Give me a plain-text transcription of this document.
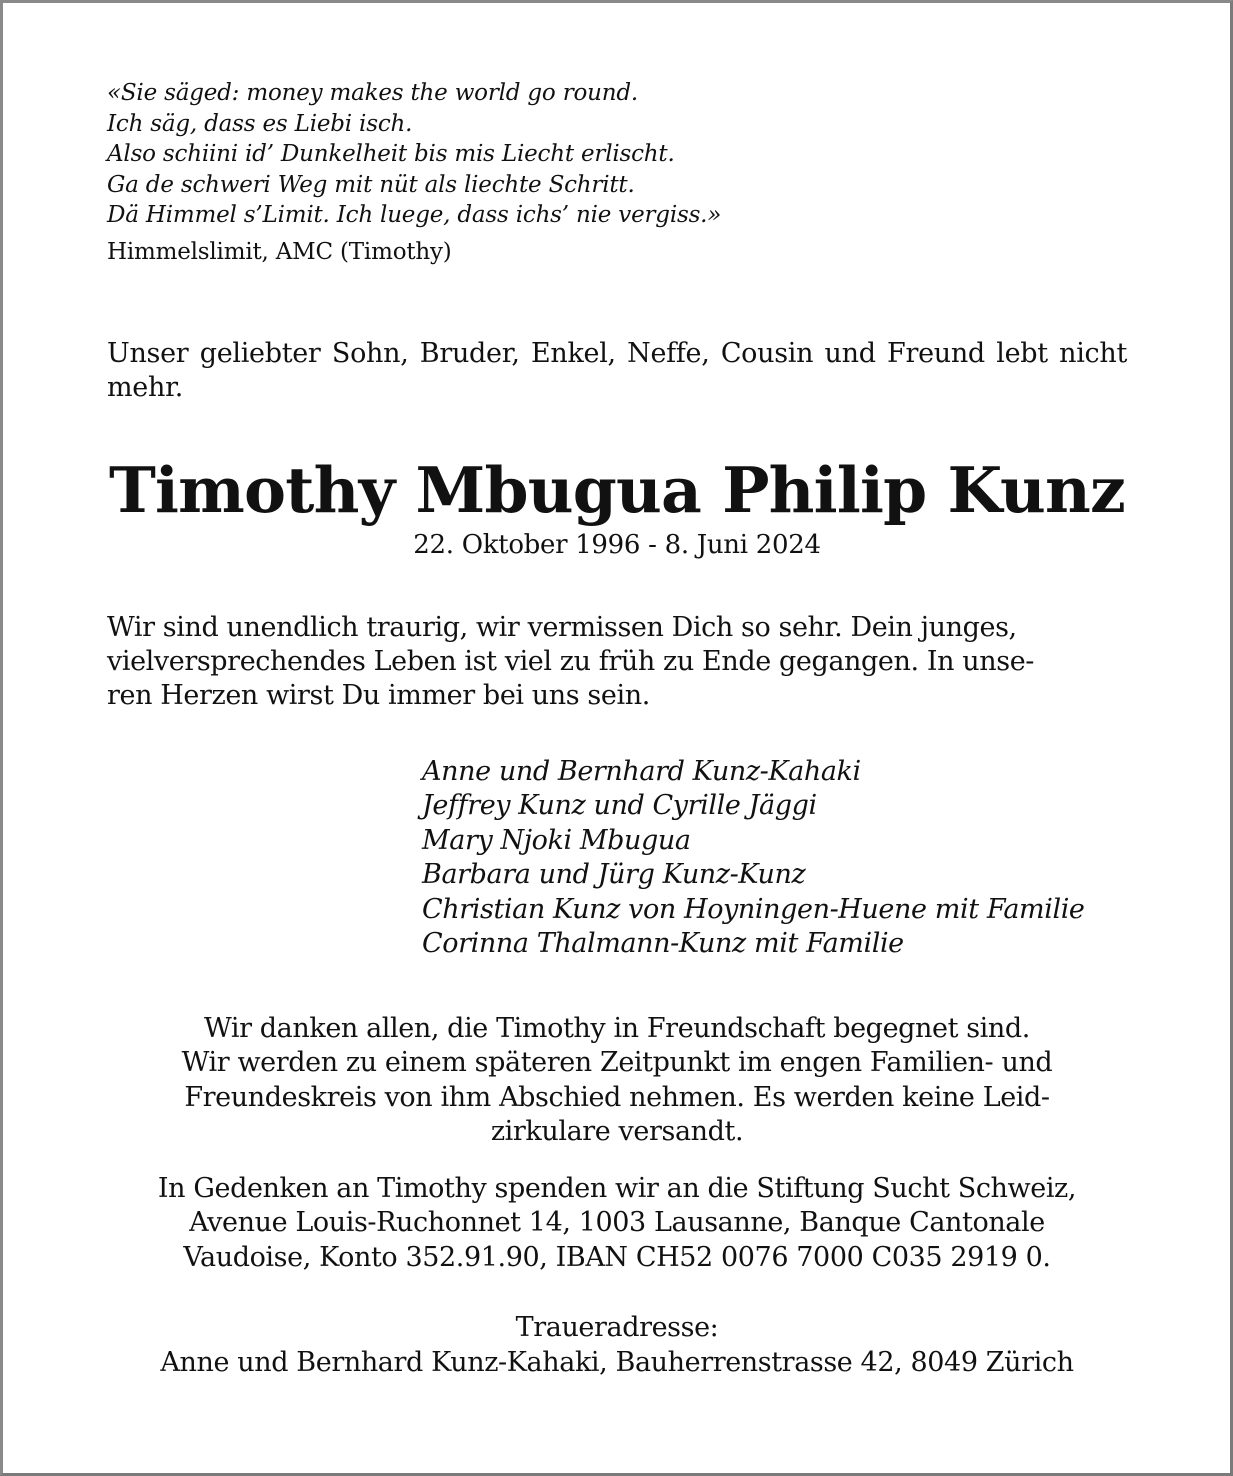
«Sie säged: money makes the world go round.
Ich säg, dass es Liebi isch.
Also schiini id’ Dunkelheit bis mis Liecht erlischt.
Ga de schweri Weg mit nüt als liechte Schritt.
Dä Himmel s’Limit. Ich luege, dass ichs’ nie vergiss.»
Himmelslimit, AMC (Timothy)
Unser geliebter Sohn, Bruder, Enkel, Neffe, Cousin und Freund lebt nicht mehr.
Timothy Mbugua Philip Kunz
22. Oktober 1996 - 8. Juni 2024
Wir sind unendlich traurig, wir vermissen Dich so sehr. Dein junges,
vielversprechendes Leben ist viel zu früh zu Ende gegangen. In unse-
ren Herzen wirst Du immer bei uns sein.
Anne und Bernhard Kunz-Kahaki
Jeffrey Kunz und Cyrille Jäggi
Mary Njoki Mbugua
Barbara und Jürg Kunz-Kunz
Christian Kunz von Hoyningen-Huene mit Familie
Corinna Thalmann-Kunz mit Familie
Wir danken allen, die Timothy in Freundschaft begegnet sind.
Wir werden zu einem späteren Zeitpunkt im engen Familien- und
Freundeskreis von ihm Abschied nehmen. Es werden keine Leid-
zirkulare versandt.
In Gedenken an Timothy spenden wir an die Stiftung Sucht Schweiz,
Avenue Louis-Ruchonnet 14, 1003 Lausanne, Banque Cantonale
Vaudoise, Konto 352.91.90, IBAN CH52 0076 7000 C035 2919 0.
Traueradresse:
Anne und Bernhard Kunz-Kahaki, Bauherrenstrasse 42, 8049 Zürich
